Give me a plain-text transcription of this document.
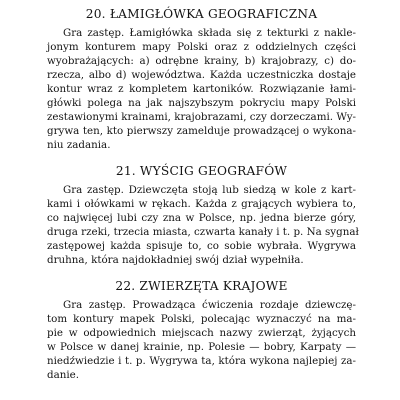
20. ŁAMIGŁÓWKA GEOGRAFICZNA

Gra zastęp. Łamigłówka składa się z tekturki z nakle-
jonym konturem mapy Polski oraz z oddzielnych części
wyobrażających: a) odrębne krainy, b) krajobrazy, c) do-
rzecza, albo d) województwa. Każda uczestniczka dostaje
kontur wraz z kompletem kartoników. Rozwiązanie łami-
główki polega na jak najszybszym pokryciu mapy Polski
zestawionymi krainami, krajobrazami, czy dorzeczami. Wy-
grywa ten, kto pierwszy zamelduje prowadzącej o wykona-
niu zadania.

21. WYŚCIG GEOGRAFÓW

Gra zastęp. Dziewczęta stoją lub siedzą w kole z kart-
kami i ołówkami w rękach. Każda z grających wybiera to,
co najwięcej lubi czy zna w Polsce, np. jedna bierze góry,
druga rzeki, trzecia miasta, czwarta kanały i t. p. Na sygnał
zastępowej każda spisuje to, co sobie wybrała. Wygrywa
druhna, która najdokładniej swój dział wypełniła.

22. ZWIERZĘTA KRAJOWE

Gra zastęp. Prowadząca ćwiczenia rozdaje dziewczę-
tom kontury mapek Polski, polecając wyznaczyć na ma-
pie w odpowiednich miejscach nazwy zwierząt, żyjących
w Polsce w danej krainie, np. Polesie — bobry, Karpaty —
niedźwiedzie i t. p. Wygrywa ta, która wykona najlepiej za-
danie.
